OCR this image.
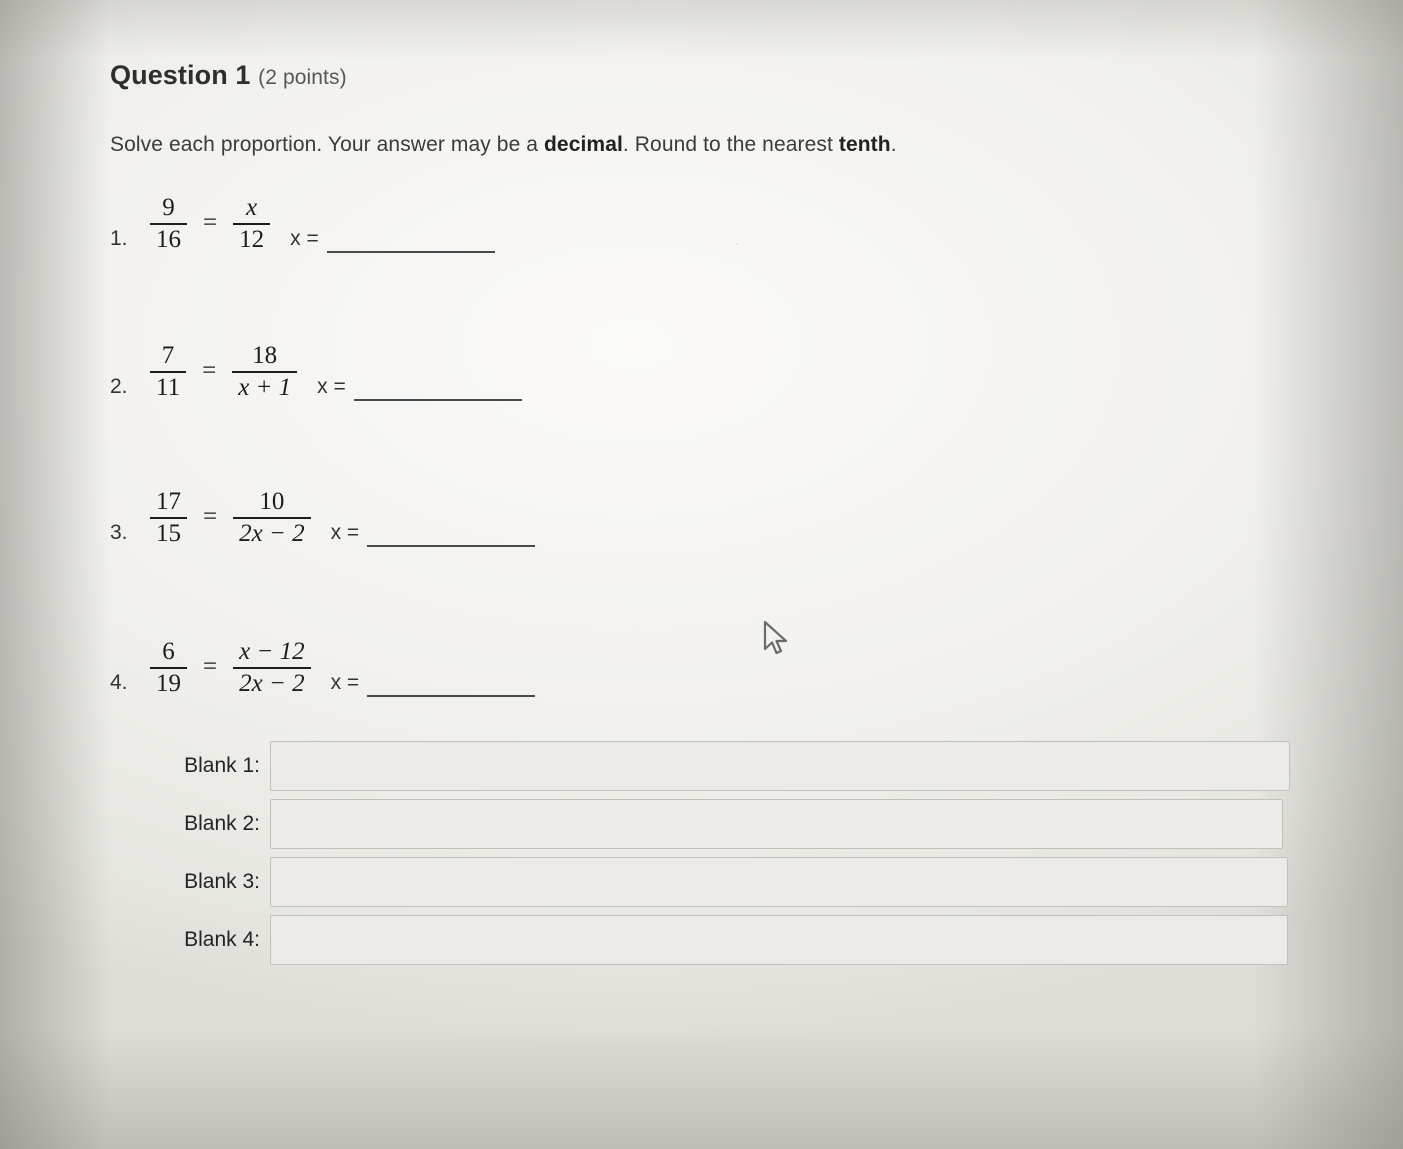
Question 1 (2 points)
Solve each proportion. Your answer may be a decimal. Round to the nearest tenth.
1. $\frac{9}{16} = \frac{x}{12}$ x =
2. $\frac{7}{11} = \frac{18}{x + 1}$ x =
3. $\frac{17}{15} = \frac{10}{2x - 2}$ x =
4. $\frac{6}{19} = \frac{x - 12}{2x - 2}$ x =
Blank 1:
Blank 2:
Blank 3:
Blank 4:
·
